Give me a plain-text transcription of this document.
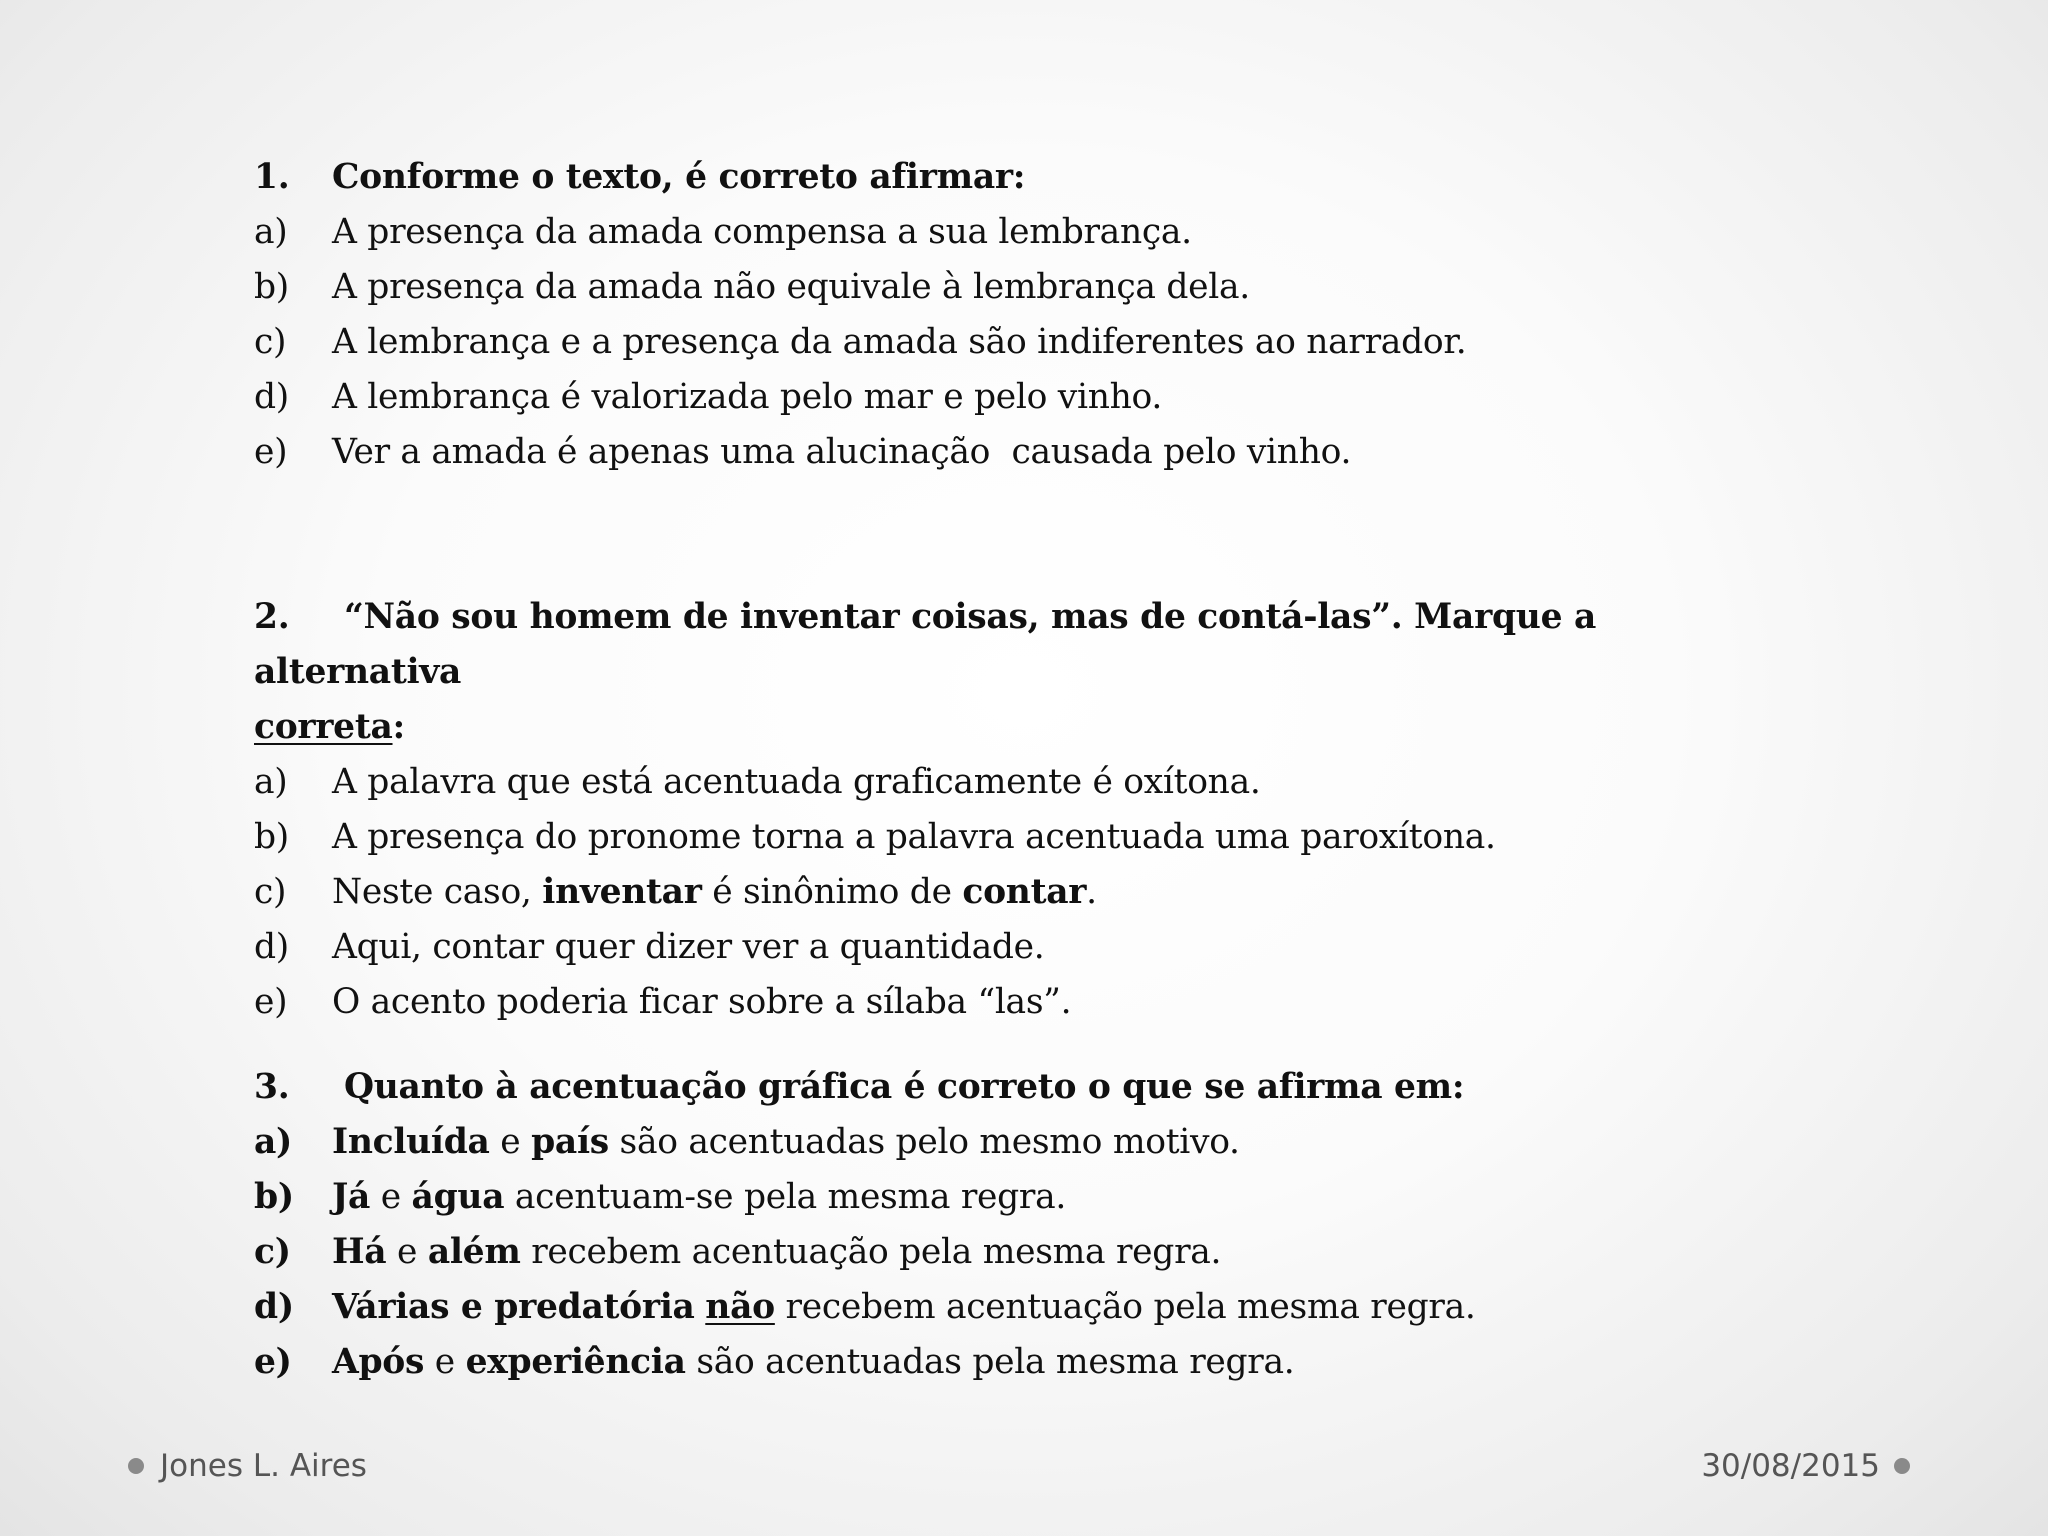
1.	Conforme o texto, é correto afirmar:
a)	A presença da amada compensa a sua lembrança.
b)	A presença da amada não equivale à lembrança dela.
c)	A lembrança e a presença da amada são indiferentes ao narrador.
d)	A lembrança é valorizada pelo mar e pelo vinho.
e)	Ver a amada é apenas uma alucinação  causada pelo vinho.
2. “Não sou homem de inventar coisas, mas de contá-las”. Marque a alternativa
correta:
a)	A palavra que está acentuada graficamente é oxítona.
b)	A presença do pronome torna a palavra acentuada uma paroxítona.
c)	Neste caso, inventar é sinônimo de contar.
d)	Aqui, contar quer dizer ver a quantidade.
e)	O acento poderia ficar sobre a sílaba “las”.
3.	Quanto à acentuação gráfica é correto o que se afirma em:
a)	Incluída e país são acentuadas pelo mesmo motivo.
b)	Já e água acentuam-se pela mesma regra.
c)	Há e além recebem acentuação pela mesma regra.
d)	Várias e predatória não recebem acentuação pela mesma regra.
e)	Após e experiência são acentuadas pela mesma regra.
Jones L. Aires	30/08/2015
